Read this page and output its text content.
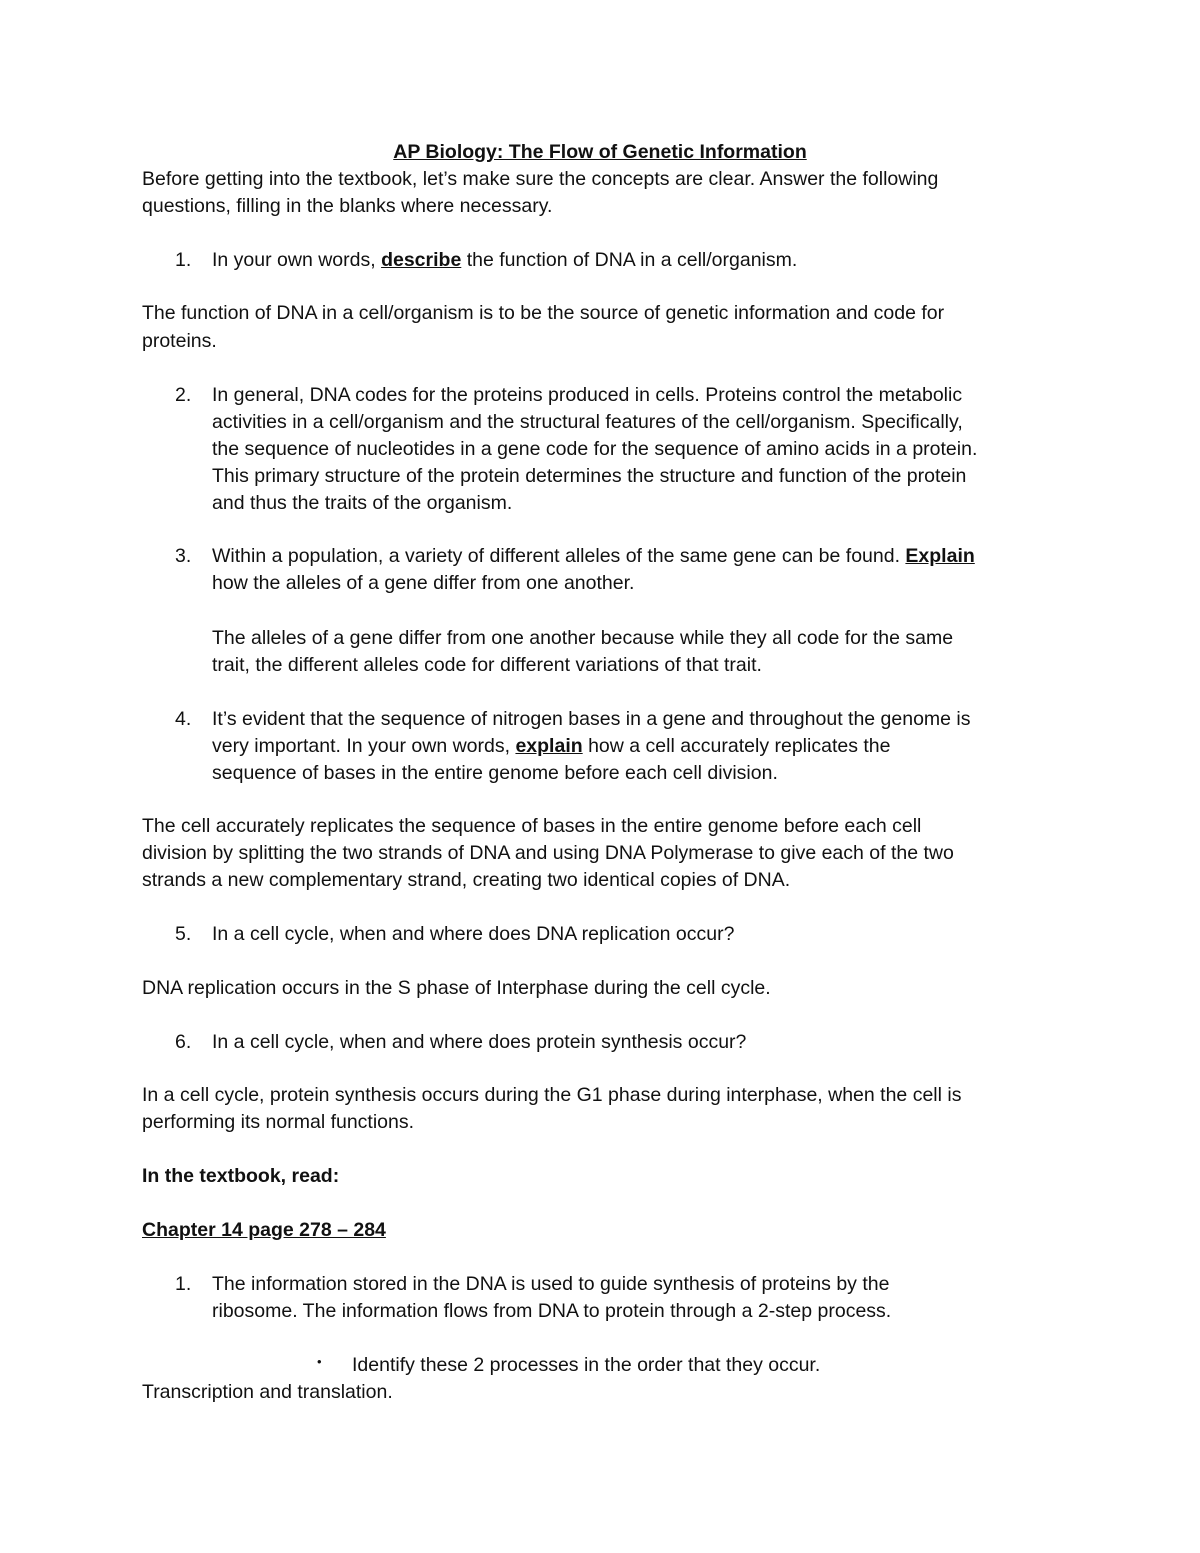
AP Biology: The Flow of Genetic Information
Before getting into the textbook, let’s make sure the concepts are clear. Answer the following
questions, filling in the blanks where necessary.
1. In your own words, describe the function of DNA in a cell/organism.
The function of DNA in a cell/organism is to be the source of genetic information and code for
proteins.
2. In general, DNA codes for the proteins produced in cells. Proteins control the metabolic
activities in a cell/organism and the structural features of the cell/organism. Specifically,
the sequence of nucleotides in a gene code for the sequence of amino acids in a protein.
This primary structure of the protein determines the structure and function of the protein
and thus the traits of the organism.
3. Within a population, a variety of different alleles of the same gene can be found. Explain
how the alleles of a gene differ from one another.
The alleles of a gene differ from one another because while they all code for the same
trait, the different alleles code for different variations of that trait.
4. It’s evident that the sequence of nitrogen bases in a gene and throughout the genome is
very important. In your own words, explain how a cell accurately replicates the
sequence of bases in the entire genome before each cell division.
The cell accurately replicates the sequence of bases in the entire genome before each cell
division by splitting the two strands of DNA and using DNA Polymerase to give each of the two
strands a new complementary strand, creating two identical copies of DNA.
5. In a cell cycle, when and where does DNA replication occur?
DNA replication occurs in the S phase of Interphase during the cell cycle.
6. In a cell cycle, when and where does protein synthesis occur?
In a cell cycle, protein synthesis occurs during the G1 phase during interphase, when the cell is
performing its normal functions.
In the textbook, read:
Chapter 14 page 278 – 284
1. The information stored in the DNA is used to guide synthesis of proteins by the
ribosome. The information flows from DNA to protein through a 2-step process.
• Identify these 2 processes in the order that they occur.
Transcription and translation.
